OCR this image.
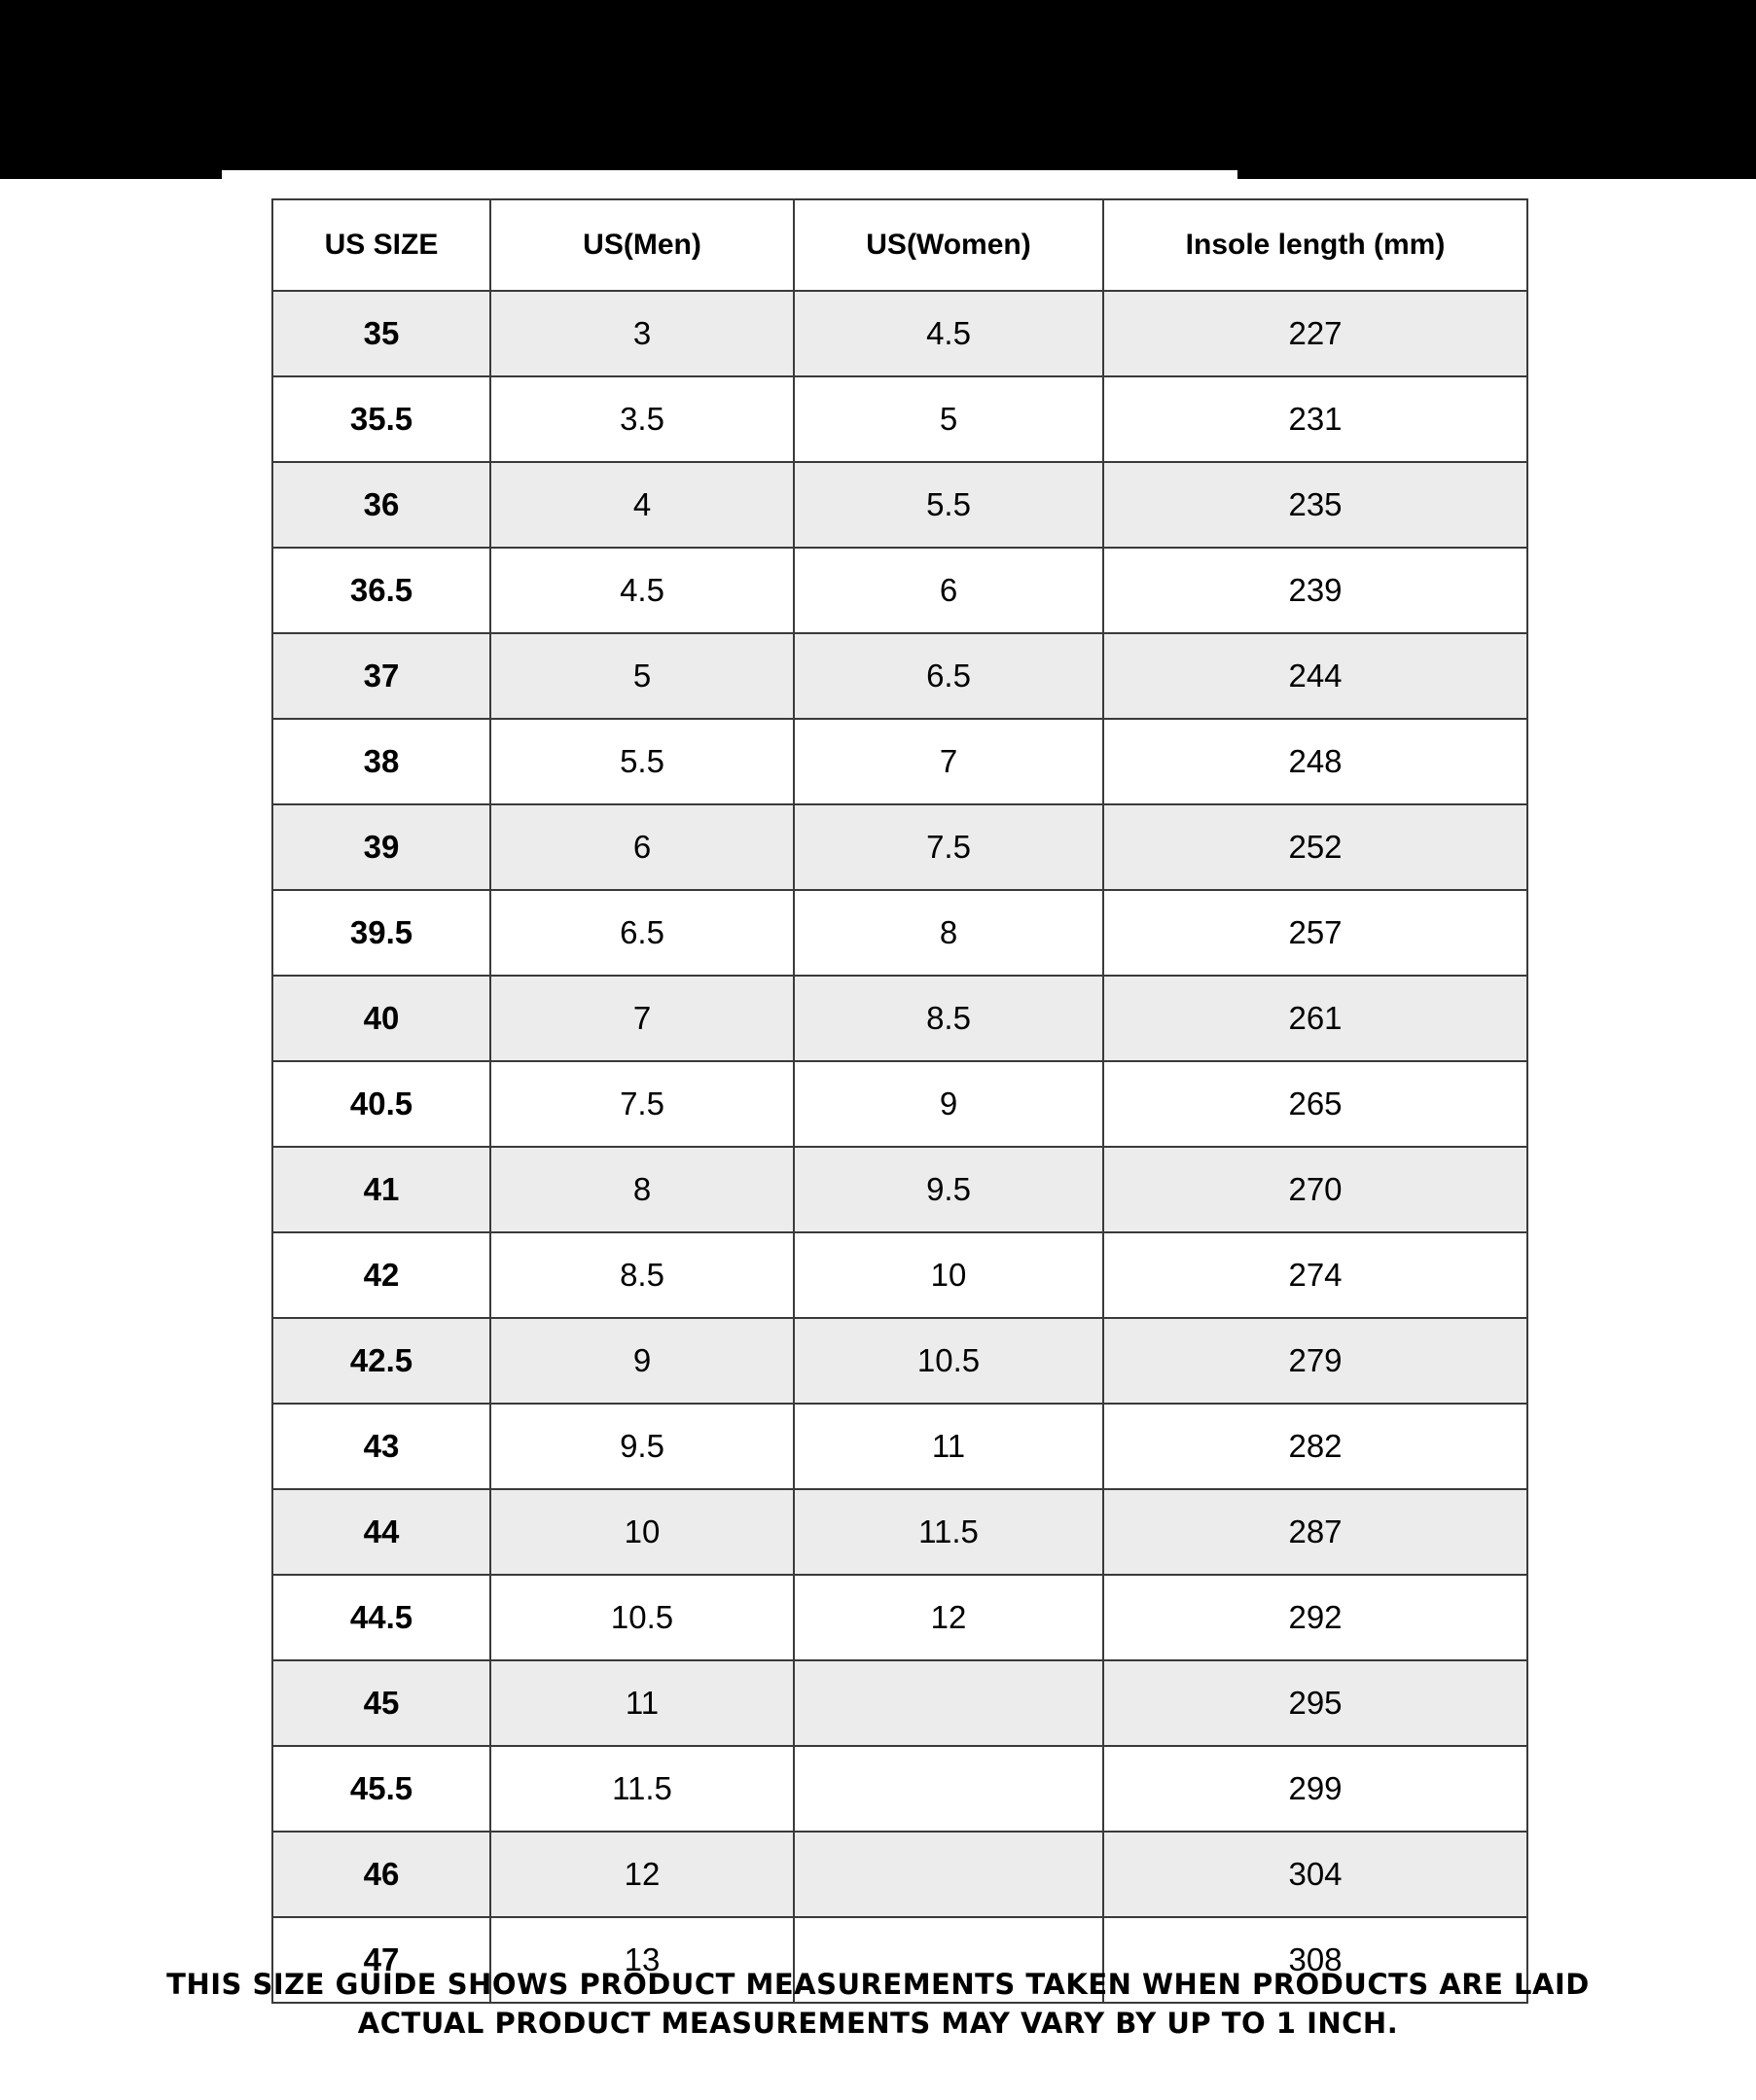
US SIZE	US(Men)	US(Women)	Insole length (mm)
35	3	4.5	227
35.5	3.5	5	231
36	4	5.5	235
36.5	4.5	6	239
37	5	6.5	244
38	5.5	7	248
39	6	7.5	252
39.5	6.5	8	257
40	7	8.5	261
40.5	7.5	9	265
41	8	9.5	270
42	8.5	10	274
42.5	9	10.5	279
43	9.5	11	282
44	10	11.5	287
44.5	10.5	12	292
45	11		295
45.5	11.5		299
46	12		304
47	13		308
THIS SIZE GUIDE SHOWS PRODUCT MEASUREMENTS TAKEN WHEN PRODUCTS ARE LAID
ACTUAL PRODUCT MEASUREMENTS MAY VARY BY UP TO 1 INCH.
